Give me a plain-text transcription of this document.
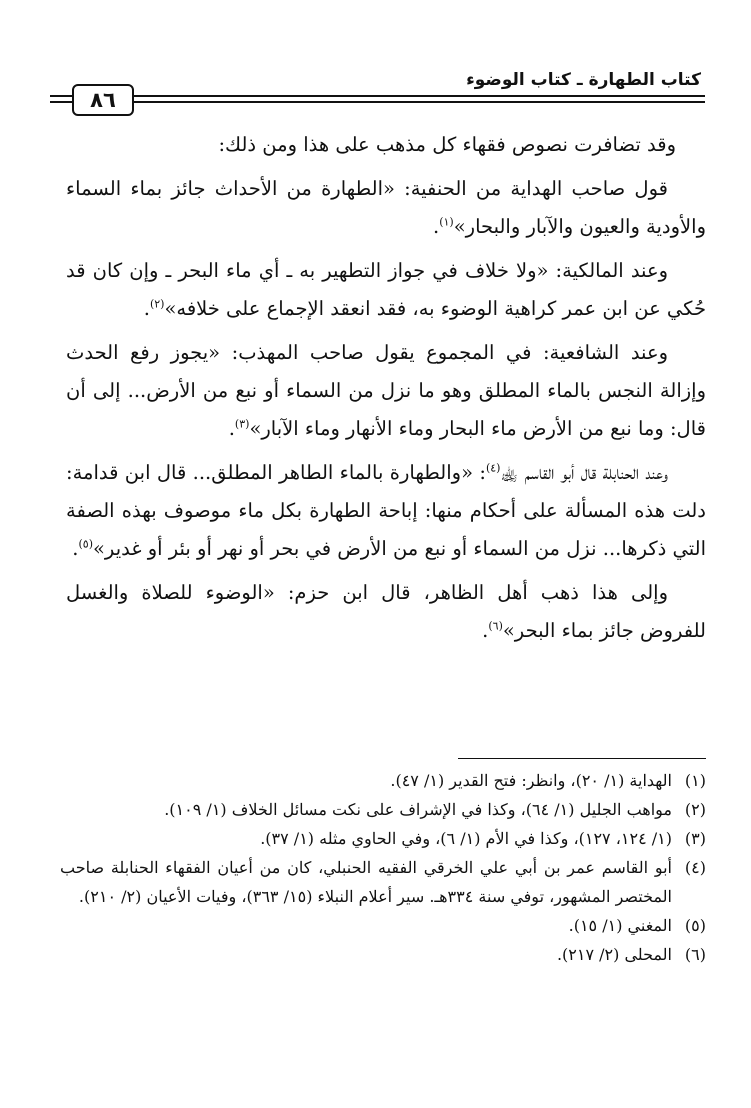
٨٦
كتاب الطهارة ـ كتاب الوضوء

وقد تضافرت نصوص فقهاء كل مذهب على هذا ومن ذلك:

قول صاحب الهداية من الحنفية: «الطهارة من الأحداث جائز بماء السماء والأودية والعيون والآبار والبحار»$^{(١)}$.

وعند المالكية: «ولا خلاف في جواز التطهير به ـ أي ماء البحر ـ وإن كان قد حُكي عن ابن عمر كراهية الوضوء به، فقد انعقد الإجماع على خلافه»$^{(٢)}$.

وعند الشافعية: في المجموع يقول صاحب المهذب: «يجوز رفع الحدث وإزالة النجس بالماء المطلق وهو ما نزل من السماء أو نبع من الأرض... إلى أن قال: وما نبع من الأرض ماء البحار وماء الأنهار وماء الآبار»$^{(٣)}$.

وعند الحنابلة قال أبو القاسم ﵀$^{(٤)}$: «والطهارة بالماء الطاهر المطلق... قال ابن قدامة: دلت هذه المسألة على أحكام منها: إباحة الطهارة بكل ماء موصوف بهذه الصفة التي ذكرها... نزل من السماء أو نبع من الأرض في بحر أو نهر أو بئر أو غدير»$^{(٥)}$.

وإلى هذا ذهب أهل الظاهر، قال ابن حزم: «الوضوء للصلاة والغسل للفروض جائز بماء البحر»$^{(٦)}$.

(١)
الهداية (١/ ٢٠)، وانظر: فتح القدير (١/ ٤٧).
(٢)
مواهب الجليل (١/ ٦٤)، وكذا في الإشراف على نكت مسائل الخلاف (١/ ١٠٩).
(٣)
(١/ ١٢٤، ١٢٧)، وكذا في الأم (١/ ٦)، وفي الحاوي مثله (١/ ٣٧).
(٤)
أبو القاسم عمر بن أبي علي الخرقي الفقيه الحنبلي، كان من أعيان الفقهاء الحنابلة صاحب المختصر المشهور، توفي سنة ٣٣٤هـ. سير أعلام النبلاء (١٥/ ٣٦٣)، وفيات الأعيان (٢/ ٢١٠).
(٥)
المغني (١/ ١٥).
(٦)
المحلى (٢/ ٢١٧).
